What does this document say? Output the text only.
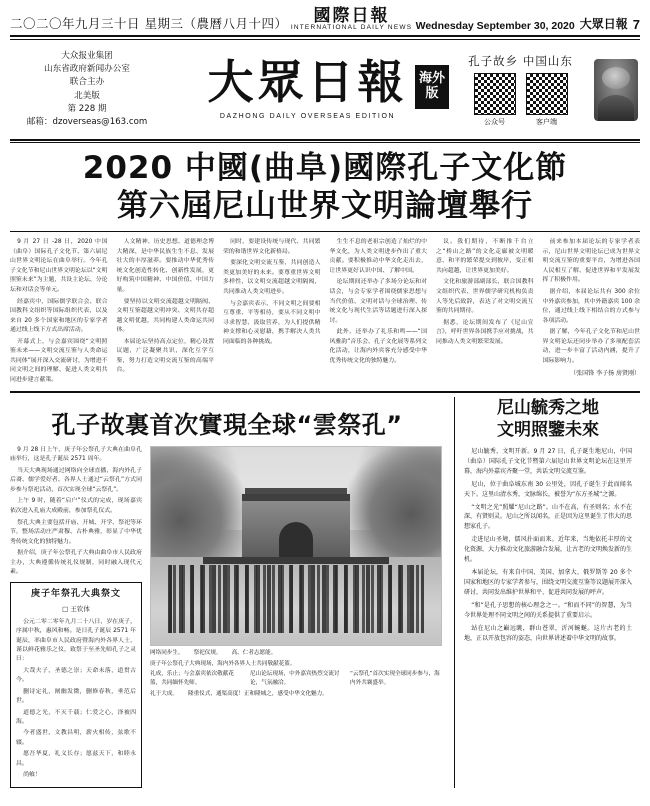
二〇二〇年九月三十日 星期三（農曆八月十四）	國際日報
INTERNATIONAL DAILY NEWS Wednesday September 30, 2020 大眾日報 7
大众报业集团
山东省政府新闻办公室
联合主办
北美版
第 228 期
邮箱：dzoverseas@163.com
大眾日報
DAZHONG DAILY OVERSEAS EDITION
海外版
孔子故乡 中国山东
公众号	客户端
2020 中國(曲阜)國際孔子文化節
第六屆尼山世界文明論壇舉行

9 月 27 日 -28 日，2020 中国（曲阜）国际孔子文化节、第六届尼山世界文明论坛在曲阜举行。今年孔子文化节和尼山世界文明论坛以“文明照鉴未来”为主题，共设主论坛、分论坛和对话会等单元。

经嘉宾中，国际儒学联合会、联合国教科文组织等国际组织代表，以及来自 20 多个国家和地区的专家学者通过线上线下方式出席活动。

开幕式上，与会嘉宾围绕“文明照鉴未来——文明交流互鉴与人类命运共同体”展开深入交流研讨，为增进不同文明之间的理解、促进人类文明共同进步建言献策。

人文精神、历史思想、道德理念博大精深，是中华民族生生不息、发展壮大的丰厚滋养。要推动中华优秀传统文化创造性转化、创新性发展，更好构筑中国精神、中国价值、中国力量。

要坚持以文明交流超越文明隔阂、文明互鉴超越文明冲突、文明共存超越文明优越，共同构建人类命运共同体。

本届论坛坚持高点定位，精心设置议题，广泛凝聚共识，深化互学互鉴，努力打造文明交流互鉴的高端平台。

同时，要建设传统与现代、共同繁荣的和谐世界文化新格局。

要深化文明交流互鉴，共同创造人类更加美好的未来。要尊重世界文明多样性，以文明交流超越文明隔阂，共同推动人类文明进步。

与会嘉宾表示，不同文明之间要相互尊重、平等相待，要从不同文明中寻求智慧、汲取营养，为人们提供精神支撑和心灵慰藉，携手解决人类共同面临的各种挑战。

生生不息的老祖宗创造了灿烂的中华文化，为人类文明进步作出了重大贡献。要积极推动中华文化走出去，让世界更好认识中国、了解中国。

论坛期间还举办了多场分论坛和对话会，与会专家学者围绕儒家思想与当代价值、文明对话与全球治理、传统文化与现代生活等话题进行深入探讨。

此外，还举办了礼乐和鸣——“国风雅韵”音乐会、孔子文化展等系列文化活动，让海内外宾客充分感受中华优秀传统文化的独特魅力。

议。我们期待，不断推千台立之“桥山之路”的文化走廊被文明暖意、和平的繁荣提交到彼岸，变正相共向超越，让世界更加美好。

文化和旅游部副部长、联合国教科文组织代表、世界儒学研究机构负责人等先后致辞，表达了对文明交流互鉴的共同期待。

据悉，论坛期间发布了《尼山宣言》，呼吁世界各国携手应对挑战，共同推动人类文明繁荣发展。

前来参加本届论坛的专家学者表示，尼山世界文明论坛已成为世界文明交流互鉴的重要平台，为增进各国人民相互了解、促进世界和平发展发挥了积极作用。

据介绍，本届论坛共有 300 余位中外嘉宾参加，其中外籍嘉宾 100 余位，通过线上线下相结合的方式参与各项活动。

据了解，今年孔子文化节和尼山世界文明论坛还同步举办了多项配套活动，进一步丰富了活动内涵，提升了国际影响力。

（张国锋 李子扬 房贤刚）
孔子故裏首次實現全球“雲祭孔”

9 月 28 日上午，庚子年公祭孔子大典在曲阜孔庙举行，这是孔子诞辰 2571 周年。

当天大典现场通过网络向全球直播，海内外孔子后裔、儒学爱好者、各界人士通过“云祭孔”方式同步参与祭祀活动，首次实现全球“云祭孔”。

上午 9 时，随着“启户”仪式的完成，现场嘉宾依次进入孔庙大成殿前，参加祭孔仪式。

祭孔大典主要包括开庙、开城、开学、祭祀等环节，整场活动庄严肃穆、古朴典雅，彰显了中华优秀传统文化的独特魅力。

据介绍，庚子年公祭孔子大典由曲阜市人民政府主办，大典遵循传统礼仪规制，同时融入现代元素。

庚子年祭孔大典祭文
□ 王钦体

公元二零二零年九月二十八日，岁在庚子，序属中秋，惠风和畅。是日孔子诞辰 2571 年诞辰，率曲阜市人民政府暨海内外各界人士，谨以鲜花雅乐之仪，致祭于至圣先师孔子之灵曰：

大哉夫子，圣德之崇；天命未落，道贯古今。

删诗定礼，阐幽发微，删修春秋，垂范后世。

道德之光，不灭千载；仁爱之心，泽被四海。

今者盛世，文教昌明，薪火相传，弦歌不辍。

愿吾华夏，礼义长存；愿兹天下，和睦永昌。

尚飨！

网络同步生。 祭祀仪规。 高、仁者志愿能。
庚子年公祭孔子大典现场，海内外各界人士共同敬献花篮。
礼成，乐止；与会嘉宾依次敬献花篮，共同缅怀先师。
尼山论坛现场，中外嘉宾热烈交流讨论，气氛融洽。
“云祭孔”首次实现全球同步参与，海内外共襄盛举。
礼于大成。 隆重仪式，通渠高度！正和隆城之，感受中华文化魅力。
尼山毓秀之地
文明照鑒未來

尼山毓秀，文明开新。9 月 27 日，孔子诞生地尼山，中国（曲阜）国际孔子文化节暨第六届尼山世界文明论坛在这里开幕，海内外嘉宾齐聚一堂，共话文明交流互鉴。

尼山，位于曲阜城东南 30 公里处，因孔子诞生于此而闻名天下。这里山清水秀，文脉绵长，被誉为“东方圣城”之源。

“文明之光”照耀“尼山之路”。山不在高，有圣则名；水不在深，有贤则灵。尼山之所以闻名，正是因为这里诞生了伟大的思想家孔子。

走进尼山圣境，儒风扑面而来。近年来，当地依托丰厚的文化资源，大力推动文化旅游融合发展，让古老的文明焕发新的生机。

本届论坛，有来自中国、美国、加拿大、俄罗斯等 20 多个国家和地区的专家学者参与，围绕文明交流互鉴等议题展开深入研讨，共同发出维护世界和平、促进共同发展的呼声。

“和”是孔子思想的核心理念之一。“和而不同”的智慧，为当今世界处理不同文明之间的关系提供了重要启示。

站在尼山之巅远眺，群山苍翠，沂河蜿蜒。这片古老的土地，正以开放包容的姿态，向世界讲述着中华文明的故事。
